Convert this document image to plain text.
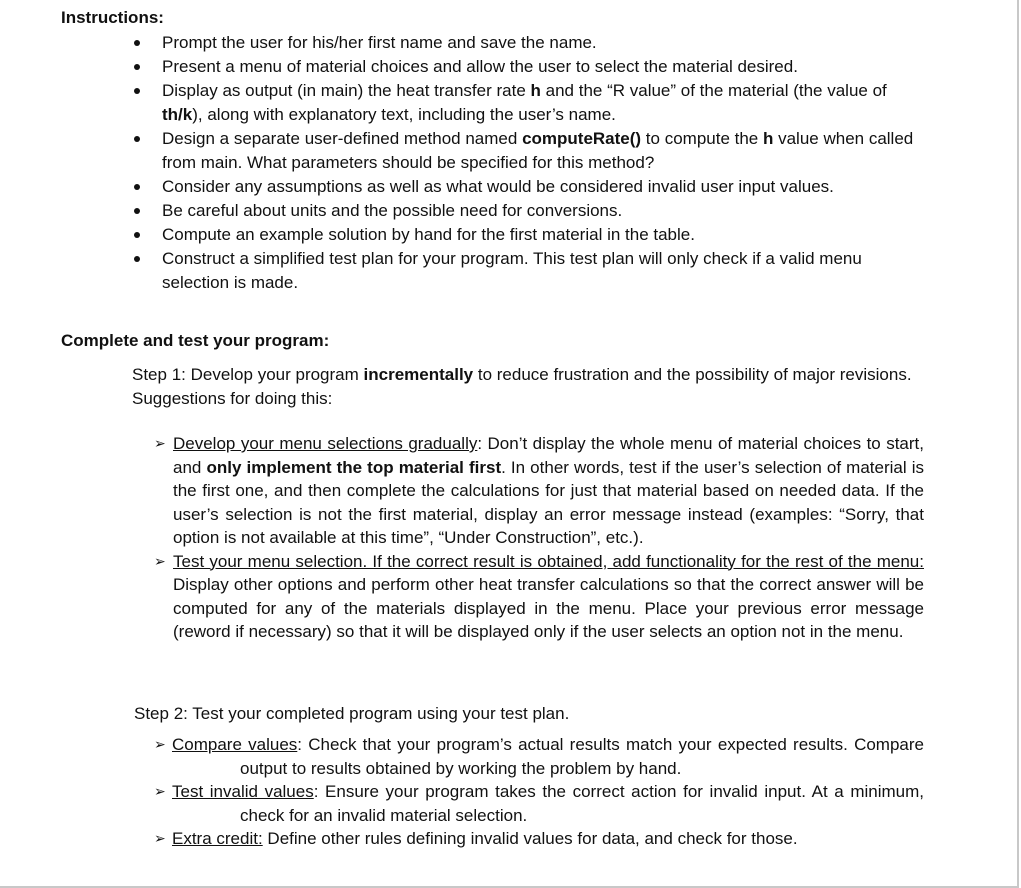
Instructions:
Prompt the user for his/her first name and save the name.
Present a menu of material choices and allow the user to select the material desired.
Display as output (in main) the heat transfer rate h and the “R value” of the material (the value of th/k), along with explanatory text, including the user’s name.
Design a separate user-defined method named computeRate() to compute the h value when called from main. What parameters should be specified for this method?
Consider any assumptions as well as what would be considered invalid user input values.
Be careful about units and the possible need for conversions.
Compute an example solution by hand for the first material in the table.
Construct a simplified test plan for your program. This test plan will only check if a valid menu selection is made.
Complete and test your program:
Step 1: Develop your program incrementally to reduce frustration and the possibility of major revisions. Suggestions for doing this:
➢ Develop your menu selections gradually: Don’t display the whole menu of material choices to start, and only implement the top material first. In other words, test if the user’s selection of material is the first one, and then complete the calculations for just that material based on needed data. If the user’s selection is not the first material, display an error message instead (examples: “Sorry, that option is not available at this time”, “Under Construction”, etc.).
➢ Test your menu selection. If the correct result is obtained, add functionality for the rest of the menu: Display other options and perform other heat transfer calculations so that the correct answer will be computed for any of the materials displayed in the menu. Place your previous error message (reword if necessary) so that it will be displayed only if the user selects an option not in the menu.
Step 2: Test your completed program using your test plan.
➢ Compare values: Check that your program’s actual results match your expected results. Compare output to results obtained by working the problem by hand.
➢ Test invalid values: Ensure your program takes the correct action for invalid input. At a minimum, check for an invalid material selection.
➢ Extra credit: Define other rules defining invalid values for data, and check for those.
